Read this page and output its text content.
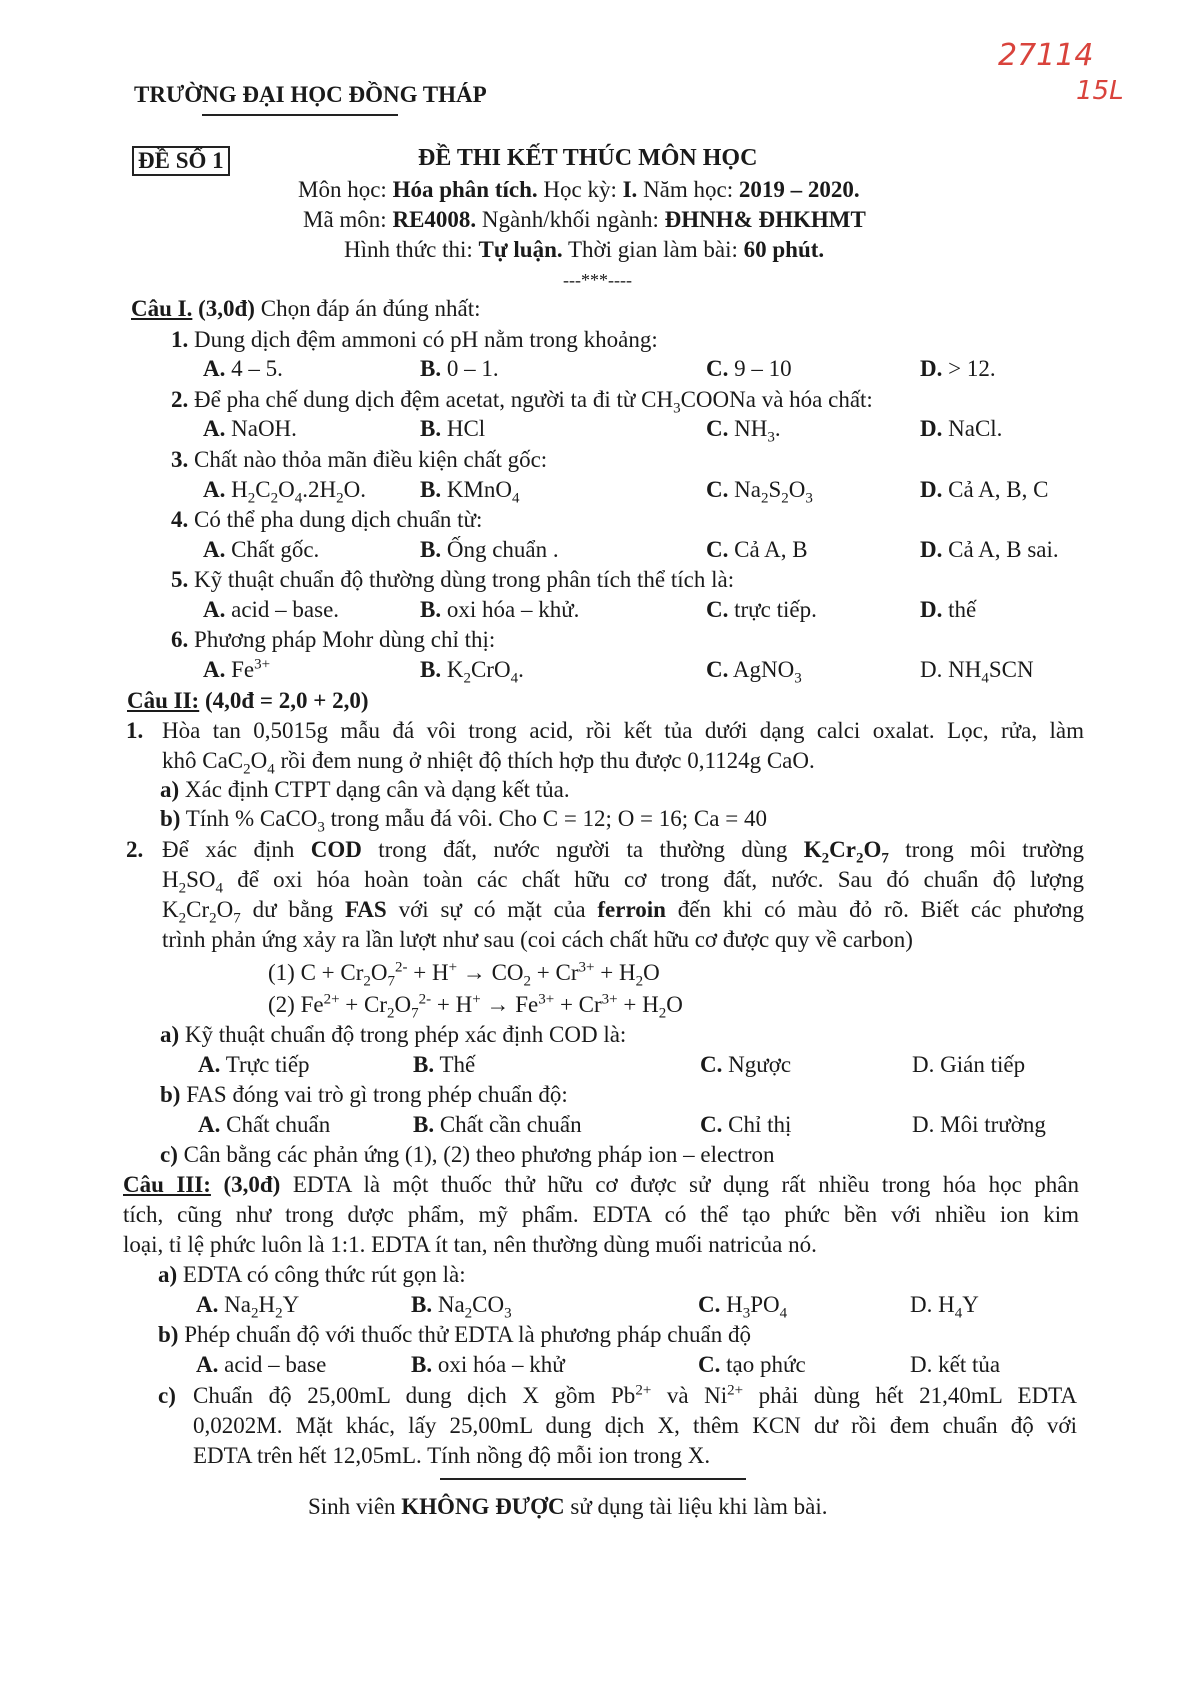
27114
15L
TRƯỜNG ĐẠI HỌC ĐỒNG THÁP
ĐỀ SỐ 1	ĐỀ THI KẾT THÚC MÔN HỌC
Môn học: Hóa phân tích. Học kỳ: I. Năm học: 2019 – 2020.
Mã môn: RE4008. Ngành/khối ngành: ĐHNH& ĐHKHMT
Hình thức thi: Tự luận. Thời gian làm bài: 60 phút.
---***----
Câu I. (3,0đ) Chọn đáp án đúng nhất:
1. Dung dịch đệm ammoni có pH nằm trong khoảng:
A. 4 – 5.	B. 0 – 1.	C. 9 – 10	D. > 12.
2. Để pha chế dung dịch đệm acetat, người ta đi từ $CH_3COONa$ và hóa chất:
A. NaOH.	B. HCl	C. $NH_3$.	D. NaCl.
3. Chất nào thỏa mãn điều kiện chất gốc:
A. $H_2C_2O_4.2H_2O$. B. KMnO$_4$	C. $Na_2S_2O_3$	D. Cả A, B, C
4. Có thể pha dung dịch chuẩn từ:
A. Chất gốc.	B. Ống chuẩn .	C. Cả A, B	D. Cả A, B sai.
5. Kỹ thuật chuẩn độ thường dùng trong phân tích thể tích là:
A. acid – base.	B. oxi hóa – khử.	C. trực tiếp.	D. thế
6. Phương pháp Mohr dùng chỉ thị:
A. $Fe^{3+}$	B. $K_2CrO_4$.	C. AgNO$_3$	D. $NH_4SCN$
Câu II: (4,0đ = 2,0 + 2,0)
1. Hòa tan 0,5015g mẫu đá vôi trong acid, rồi kết tủa dưới dạng calci oxalat. Lọc, rửa, làm
khô $CaC_2O_4$ rồi đem nung ở nhiệt độ thích hợp thu được 0,1124g CaO.
a) Xác định CTPT dạng cân và dạng kết tủa.
b) Tính % CaCO$_3$ trong mẫu đá vôi. Cho C = 12; O = 16; Ca = 40
2. Để xác định COD trong đất, nước người ta thường dùng $K_2Cr_2O_7$ trong môi trường
$H_2SO_4$ để oxi hóa hoàn toàn các chất hữu cơ trong đất, nước. Sau đó chuẩn độ lượng
$K_2Cr_2O_7$ dư bằng FAS với sự có mặt của ferroin đến khi có màu đỏ rõ. Biết các phương
trình phản ứng xảy ra lần lượt như sau (coi cách chất hữu cơ được quy về carbon)
(1) $C + Cr_2O_7^{2-} + H^+ \to CO_2 + Cr^{3+} + H_2O$
(2) $Fe^{2+} + Cr_2O_7^{2-} + H^+ \to Fe^{3+} + Cr^{3+} + H_2O$
a) Kỹ thuật chuẩn độ trong phép xác định COD là:
A. Trực tiếp	B. Thế	C. Ngược	D. Gián tiếp
b) FAS đóng vai trò gì trong phép chuẩn độ:
A. Chất chuẩn	B. Chất cần chuẩn	C. Chỉ thị	D. Môi trường
c) Cân bằng các phản ứng (1), (2) theo phương pháp ion – electron
Câu III: (3,0đ) EDTA là một thuốc thử hữu cơ được sử dụng rất nhiều trong hóa học phân
tích, cũng như trong dược phẩm, mỹ phẩm. EDTA có thể tạo phức bền với nhiều ion kim
loại, tỉ lệ phức luôn là 1:1. EDTA ít tan, nên thường dùng muối natricủa nó.
a) EDTA có công thức rút gọn là:
A. $Na_2H_2Y$	B. $Na_2CO_3$	C. $H_3PO_4$	D. $H_4Y$
b) Phép chuẩn độ với thuốc thử EDTA là phương pháp chuẩn độ
A. acid – base	B. oxi hóa – khử	C. tạo phức	D. kết tủa
c) Chuẩn độ 25,00mL dung dịch X gồm $Pb^{2+}$ và $Ni^{2+}$ phải dùng hết 21,40mL EDTA
0,0202M. Mặt khác, lấy 25,00mL dung dịch X, thêm KCN dư rồi đem chuẩn độ với
EDTA trên hết 12,05mL. Tính nồng độ mỗi ion trong X.
Sinh viên KHÔNG ĐƯỢC sử dụng tài liệu khi làm bài.
